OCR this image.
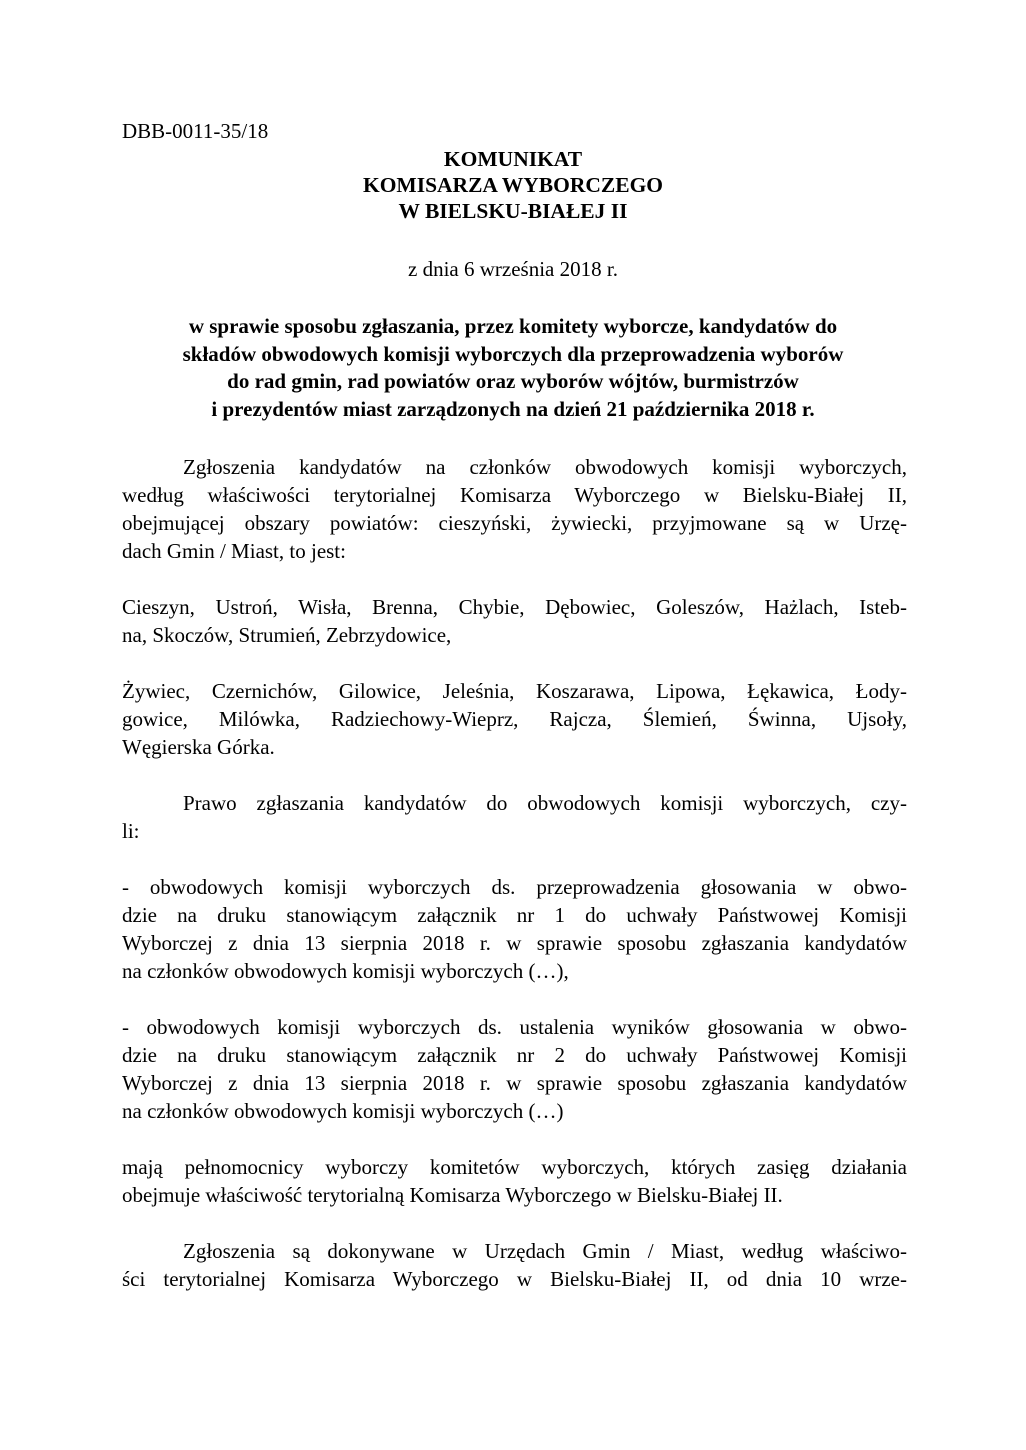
DBB-0011-35/18
KOMUNIKAT
KOMISARZA WYBORCZEGO
W BIELSKU-BIAŁEJ II
z dnia 6 września 2018 r.
w sprawie sposobu zgłaszania, przez komitety wyborcze, kandydatów do
składów obwodowych komisji wyborczych dla przeprowadzenia wyborów
do rad gmin, rad powiatów oraz wyborów wójtów, burmistrzów
i prezydentów miast zarządzonych na dzień 21 października 2018 r.
Zgłoszenia kandydatów na członków obwodowych komisji wyborczych,
według właściwości terytorialnej Komisarza Wyborczego w Bielsku-Białej II,
obejmującej obszary powiatów: cieszyński, żywiecki, przyjmowane są w Urzę-
dach Gmin / Miast, to jest:
Cieszyn, Ustroń, Wisła, Brenna, Chybie, Dębowiec, Goleszów, Hażlach, Isteb-
na, Skoczów, Strumień, Zebrzydowice,
Żywiec, Czernichów, Gilowice, Jeleśnia, Koszarawa, Lipowa, Łękawica, Łody-
gowice, Milówka, Radziechowy-Wieprz, Rajcza, Ślemień, Świnna, Ujsoły,
Węgierska Górka.
Prawo zgłaszania kandydatów do obwodowych komisji wyborczych, czy-
li:
- obwodowych komisji wyborczych ds. przeprowadzenia głosowania w obwo-
dzie na druku stanowiącym załącznik nr 1 do uchwały Państwowej Komisji
Wyborczej z dnia 13 sierpnia 2018 r. w sprawie sposobu zgłaszania kandydatów
na członków obwodowych komisji wyborczych (…),
- obwodowych komisji wyborczych ds. ustalenia wyników głosowania w obwo-
dzie na druku stanowiącym załącznik nr 2 do uchwały Państwowej Komisji
Wyborczej z dnia 13 sierpnia 2018 r. w sprawie sposobu zgłaszania kandydatów
na członków obwodowych komisji wyborczych (…)
mają pełnomocnicy wyborczy komitetów wyborczych, których zasięg działania
obejmuje właściwość terytorialną Komisarza Wyborczego w Bielsku-Białej II.
Zgłoszenia są dokonywane w Urzędach Gmin / Miast, według właściwo-
ści terytorialnej Komisarza Wyborczego w Bielsku-Białej II, od dnia 10 wrze-
